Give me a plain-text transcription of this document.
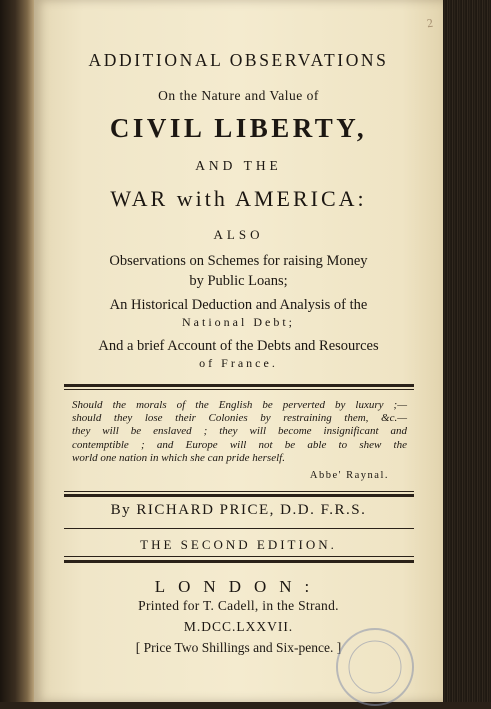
2
ADDITIONAL OBSERVATIONS
On the Nature and Value of
CIVIL LIBERTY,
AND THE
WAR with AMERICA:
ALSO
Observations on Schemes for raising Money
by Public Loans;
An Historical Deduction and Analysis of the
National Debt;
And a brief Account of the Debts and Resources
of France.
Should the morals of the English be perverted by luxury ;—
should they lose their Colonies by restraining them, &c.—
they will be enslaved ; they will become insignificant and
contemptible ; and Europe will not be able to shew the
world one nation in which she can pride herself.
Abbe' Raynal.
By RICHARD PRICE, D.D. F.R.S.
THE SECOND EDITION.
LONDON:
Printed for T. Cadell, in the Strand.
M.DCC.LXXVII.
[ Price Two Shillings and Six-pence. ]
